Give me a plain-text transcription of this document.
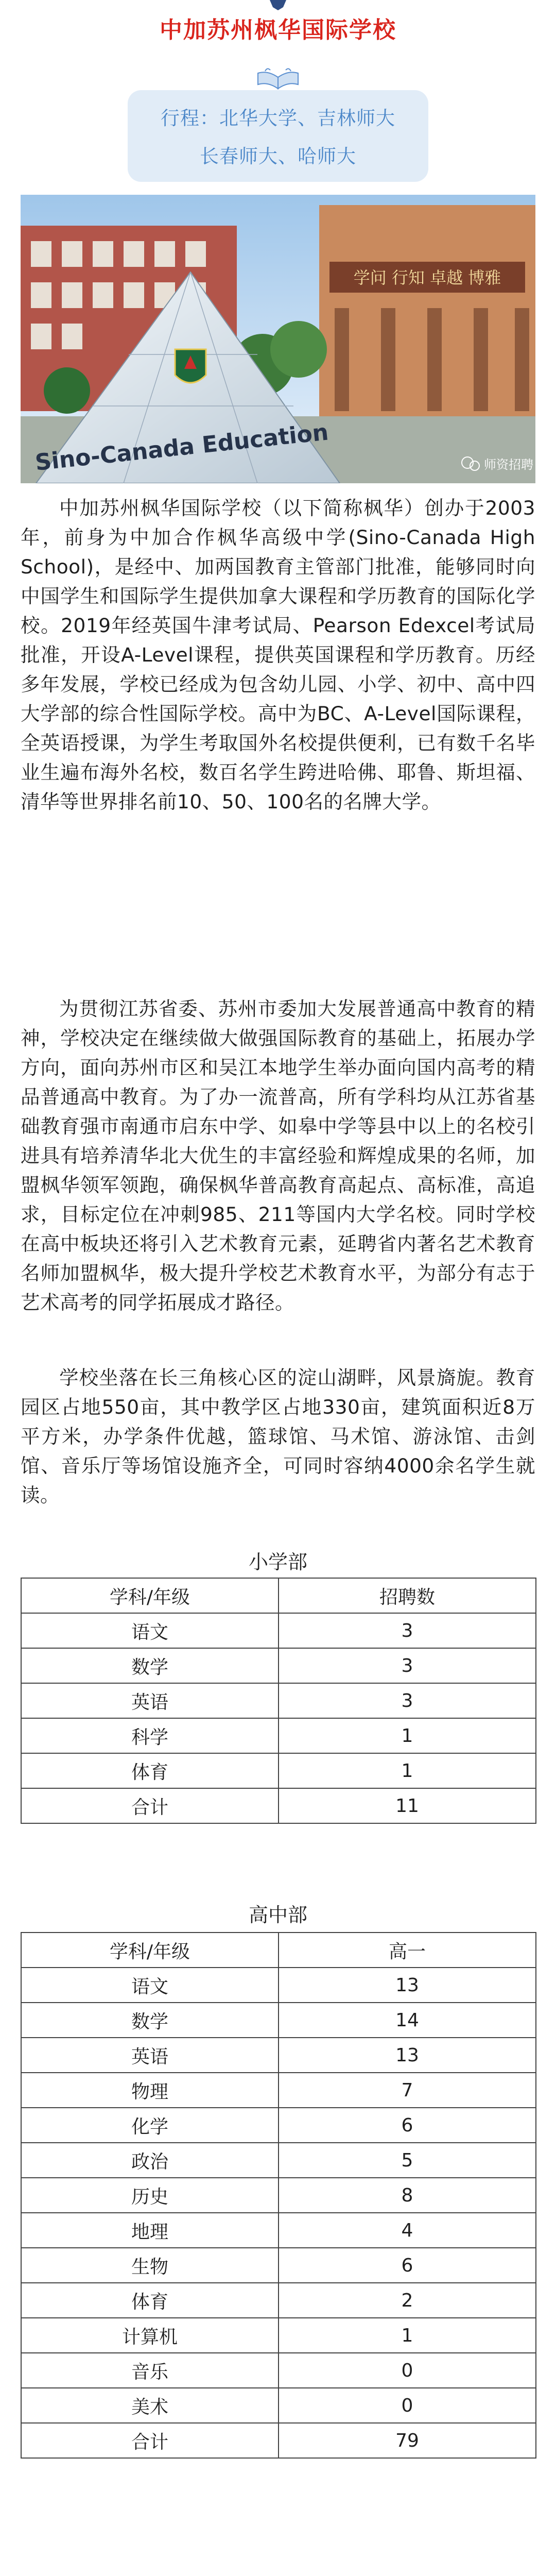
中加苏州枫华国际学校
行程：北华大学、吉林师大
长春师大、哈师大
学问 行知 卓越 博雅
Sino-Canada Education	师资招聘

中加苏州枫华国际学校（以下简称枫华）创办于2003年，前身为中加合作枫华高级中学(Sino-Canada High School)，是经中、加两国教育主管部门批准，能够同时向中国学生和国际学生提供加拿大课程和学历教育的国际化学校。2019年经英国牛津考试局、Pearson Edexcel考试局批准，开设A-Level课程，提供英国课程和学历教育。历经多年发展，学校已经成为包含幼儿园、小学、初中、高中四大学部的综合性国际学校。高中为BC、A-Level国际课程，全英语授课，为学生考取国外名校提供便利，已有数千名毕业生遍布海外名校，数百名学生跨进哈佛、耶鲁、斯坦福、清华等世界排名前10、50、100名的名牌大学。

为贯彻江苏省委、苏州市委加大发展普通高中教育的精神，学校决定在继续做大做强国际教育的基础上，拓展办学方向，面向苏州市区和吴江本地学生举办面向国内高考的精品普通高中教育。为了办一流普高，所有学科均从江苏省基础教育强市南通市启东中学、如皋中学等县中以上的名校引进具有培养清华北大优生的丰富经验和辉煌成果的名师，加盟枫华领军领跑，确保枫华普高教育高起点、高标准，高追求，目标定位在冲刺985、211等国内大学名校。同时学校在高中板块还将引入艺术教育元素，延聘省内著名艺术教育名师加盟枫华，极大提升学校艺术教育水平，为部分有志于艺术高考的同学拓展成才路径。

学校坐落在长三角核心区的淀山湖畔，风景旖旎。教育园区占地550亩，其中教学区占地330亩，建筑面积近8万平方米，办学条件优越，篮球馆、马术馆、游泳馆、击剑馆、音乐厅等场馆设施齐全，可同时容纳4000余名学生就读。

小学部
学科/年级	招聘数
语文	3
数学	3
英语	3
科学	1
体育	1
合计	11
高中部
学科/年级	高一
语文	13
数学	14
英语	13
物理	7
化学	6
政治	5
历史	8
地理	4
生物	6
体育	2
计算机	1
音乐	0
美术	0
合计	79
